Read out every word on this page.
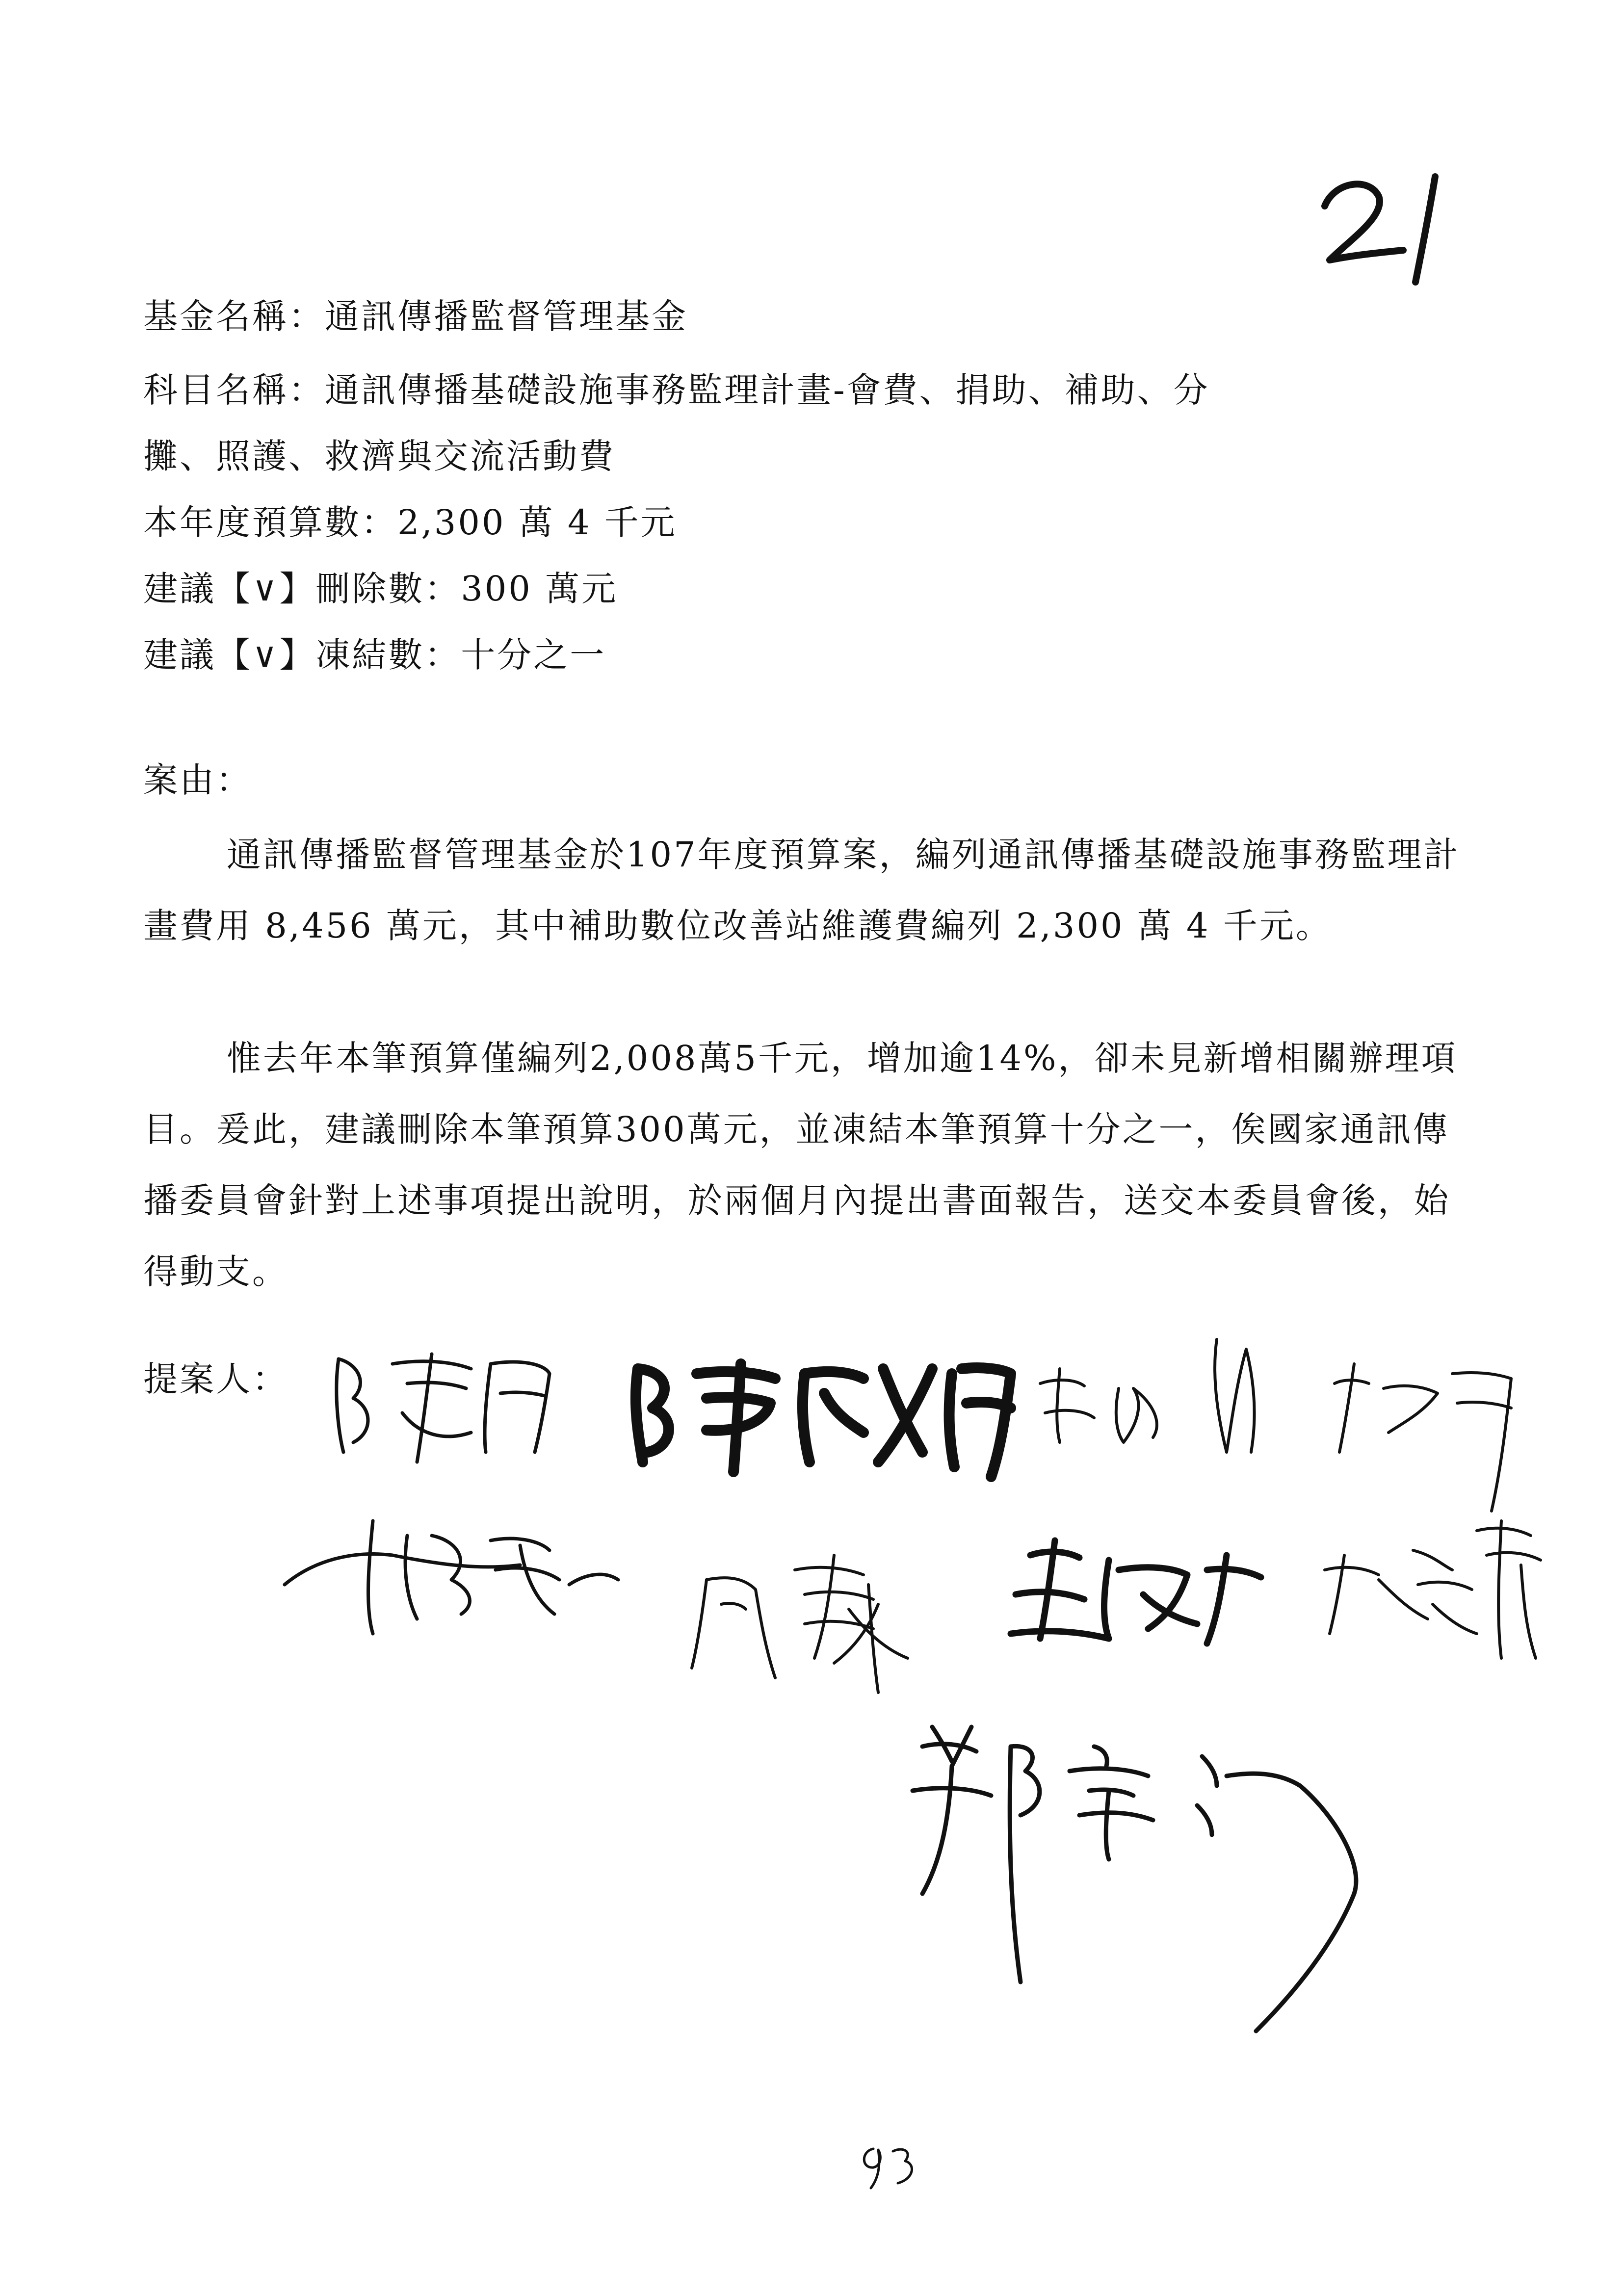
基金名稱：通訊傳播監督管理基金
科目名稱：通訊傳播基礎設施事務監理計畫-會費、捐助、補助、分
攤、照護、救濟與交流活動費
本年度預算數：2,300 萬 4 千元
建議【∨】刪除數：300 萬元
建議【∨】凍結數：十分之一
案由：
通訊傳播監督管理基金於107年度預算案，編列通訊傳播基礎設施事務監理計畫費用 8,456 萬元，其中補助數位改善站維護費編列 2,300 萬 4 千元。
惟去年本筆預算僅編列2,008萬5千元，增加逾14%，卻未見新增相關辦理項目。爰此，建議刪除本筆預算300萬元，並凍結本筆預算十分之一，俟國家通訊傳播委員會針對上述事項提出說明，於兩個月內提出書面報告，送交本委員會後，始得動支。
提案人：
